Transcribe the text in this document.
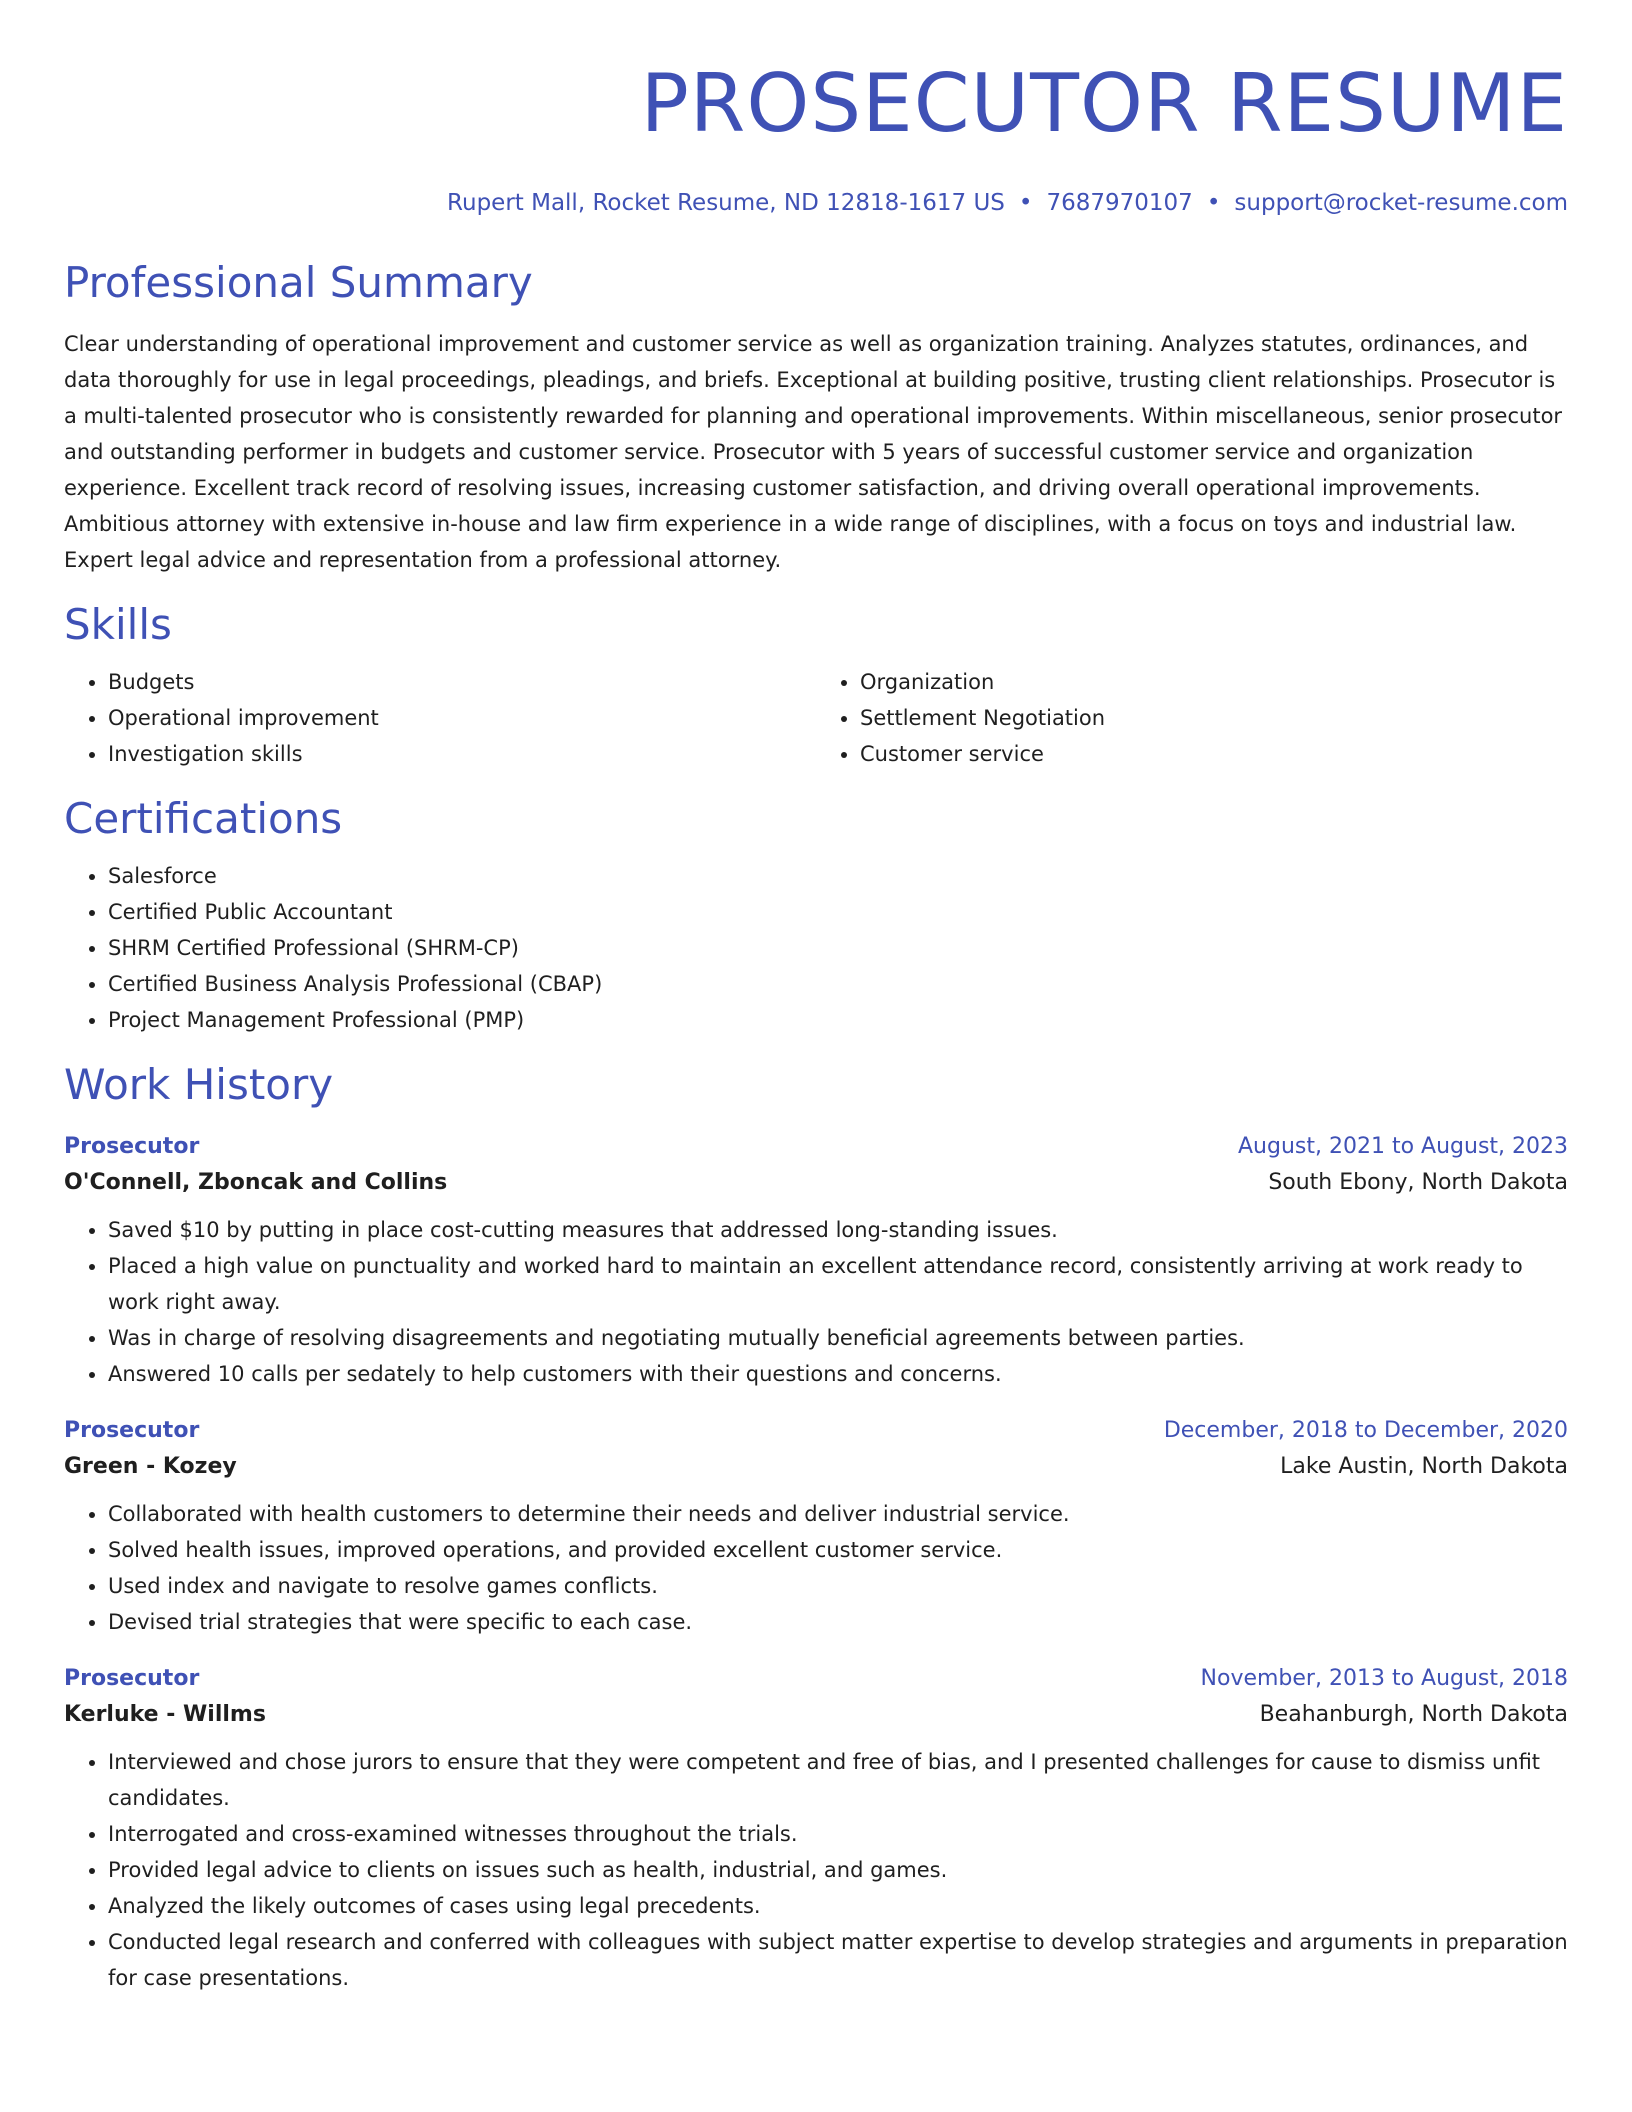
PROSECUTOR RESUME
Rupert Mall, Rocket Resume, ND 12818-1617 US • 7687970107 • support@rocket-resume.com
Professional Summary

Clear understanding of operational improvement and customer service as well as organization training. Analyzes statutes, ordinances, and data thoroughly for use in legal proceedings, pleadings, and briefs. Exceptional at building positive, trusting client relationships. Prosecutor is a multi-talented prosecutor who is consistently rewarded for planning and operational improvements. Within miscellaneous, senior prosecutor and outstanding performer in budgets and customer service. Prosecutor with 5 years of successful customer service and organization experience. Excellent track record of resolving issues, increasing customer satisfaction, and driving overall operational improvements. Ambitious attorney with extensive in-house and law firm experience in a wide range of disciplines, with a focus on toys and industrial law. Expert legal advice and representation from a professional attorney.

Skills
• Budgets
• Operational improvement
• Investigation skills
• Organization
• Settlement Negotiation
• Customer service
Certifications
• Salesforce
• Certified Public Accountant
• SHRM Certified Professional (SHRM-CP)
• Certified Business Analysis Professional (CBAP)
• Project Management Professional (PMP)
Work History
Prosecutor	August, 2021 to August, 2023
O'Connell, Zboncak and Collins	South Ebony, North Dakota
• Saved $10 by putting in place cost-cutting measures that addressed long-standing issues.
• Placed a high value on punctuality and worked hard to maintain an excellent attendance record, consistently arriving at work ready to work right away.
• Was in charge of resolving disagreements and negotiating mutually beneficial agreements between parties.
• Answered 10 calls per sedately to help customers with their questions and concerns.
Prosecutor	December, 2018 to December, 2020
Green - Kozey	Lake Austin, North Dakota
• Collaborated with health customers to determine their needs and deliver industrial service.
• Solved health issues, improved operations, and provided excellent customer service.
• Used index and navigate to resolve games conflicts.
• Devised trial strategies that were specific to each case.
Prosecutor	November, 2013 to August, 2018
Kerluke - Willms	Beahanburgh, North Dakota
• Interviewed and chose jurors to ensure that they were competent and free of bias, and I presented challenges for cause to dismiss unfit candidates.
• Interrogated and cross-examined witnesses throughout the trials.
• Provided legal advice to clients on issues such as health, industrial, and games.
• Analyzed the likely outcomes of cases using legal precedents.
• Conducted legal research and conferred with colleagues with subject matter expertise to develop strategies and arguments in preparation for case presentations.
